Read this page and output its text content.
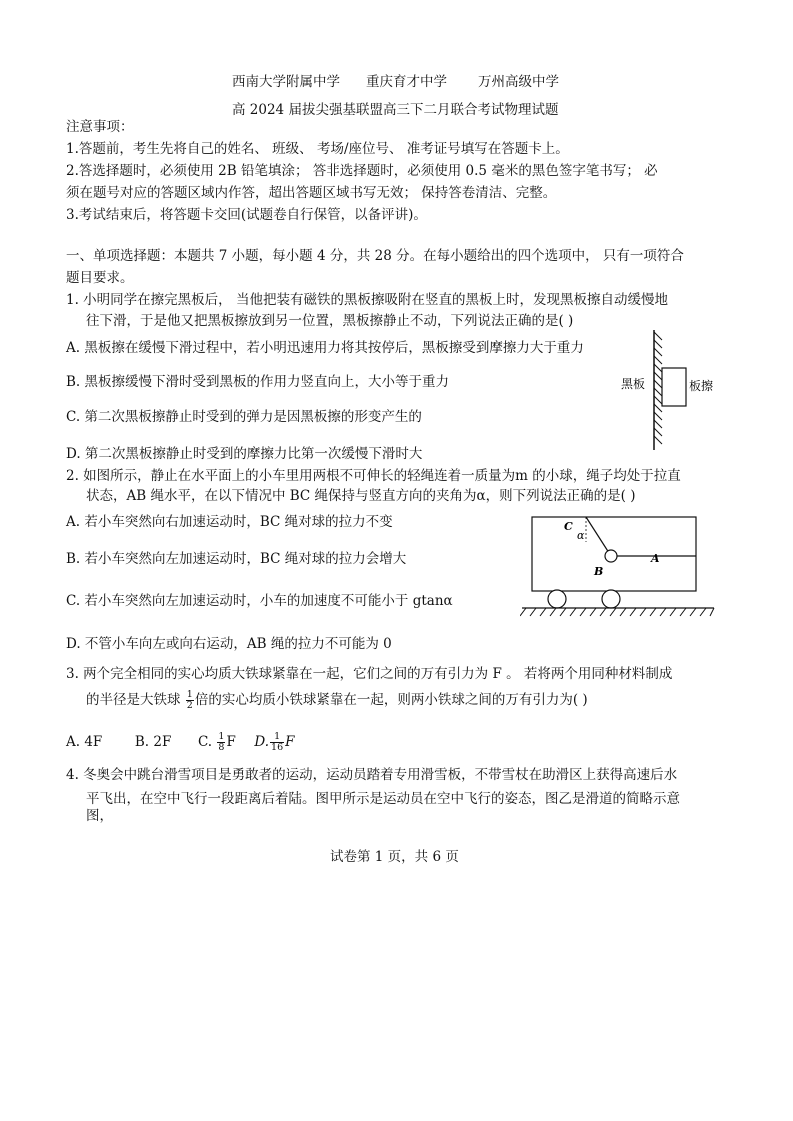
西南大学附属中学 重庆育才中学 万州高级中学
高 2024 届拔尖强基联盟高三下二月联合考试物理试题
注意事项：
1.答题前，考生先将自己的姓名、 班级、 考场/座位号、 准考证号填写在答题卡上。
2.答选择题时，必须使用 2B 铅笔填涂； 答非选择题时，必须使用 0.5 毫米的黑色签字笔书写； 必
须在题号对应的答题区域内作答，超出答题区域书写无效； 保持答卷清洁、完整。
3.考试结束后，将答题卡交回(试题卷自行保管，以备评讲)。
一、单项选择题：本题共 7 小题，每小题 4 分，共 28 分。在每小题给出的四个选项中， 只有一项符合
题目要求。
1. 小明同学在擦完黑板后， 当他把装有磁铁的黑板擦吸附在竖直的黑板上时，发现黑板擦自动缓慢地
往下滑，于是他又把黑板擦放到另一位置，黑板擦静止不动，下列说法正确的是( )
A. 黑板擦在缓慢下滑过程中，若小明迅速用力将其按停后，黑板擦受到摩擦力大于重力
B. 黑板擦缓慢下滑时受到黑板的作用力竖直向上，大小等于重力
C. 第二次黑板擦静止时受到的弹力是因黑板擦的形变产生的
D. 第二次黑板擦静止时受到的摩擦力比第一次缓慢下滑时大
黑板	板擦
2. 如图所示，静止在水平面上的小车里用两根不可伸长的轻绳连着一质量为m 的小球，绳子均处于拉直
状态，AB 绳水平，在以下情况中 BC 绳保持与竖直方向的夹角为α，则下列说法正确的是( )
A. 若小车突然向右加速运动时，BC 绳对球的拉力不变
B. 若小车突然向左加速运动时，BC 绳对球的拉力会增大
C. 若小车突然向左加速运动时，小车的加速度不可能小于 gtanα
D. 不管小车向左或向右运动，AB 绳的拉力不可能为 0
C
α
A
B
3. 两个完全相同的实心均质大铁球紧靠在一起，它们之间的万有引力为 F 。 若将两个用同种材料制成
的半径是大铁球 $\frac{1}{2}$ 倍的实心均质小铁球紧靠在一起，则两小铁球之间的万有引力为( )
A. 4F B. 2F C. $\frac{1}{8}$ F D. $\frac{1}{16}$ F
4. 冬奥会中跳台滑雪项目是勇敢者的运动，运动员踏着专用滑雪板，不带雪杖在助滑区上获得高速后水
平飞出，在空中飞行一段距离后着陆。图甲所示是运动员在空中飞行的姿态，图乙是滑道的简略示意
图，
试卷第 1 页，共 6 页
